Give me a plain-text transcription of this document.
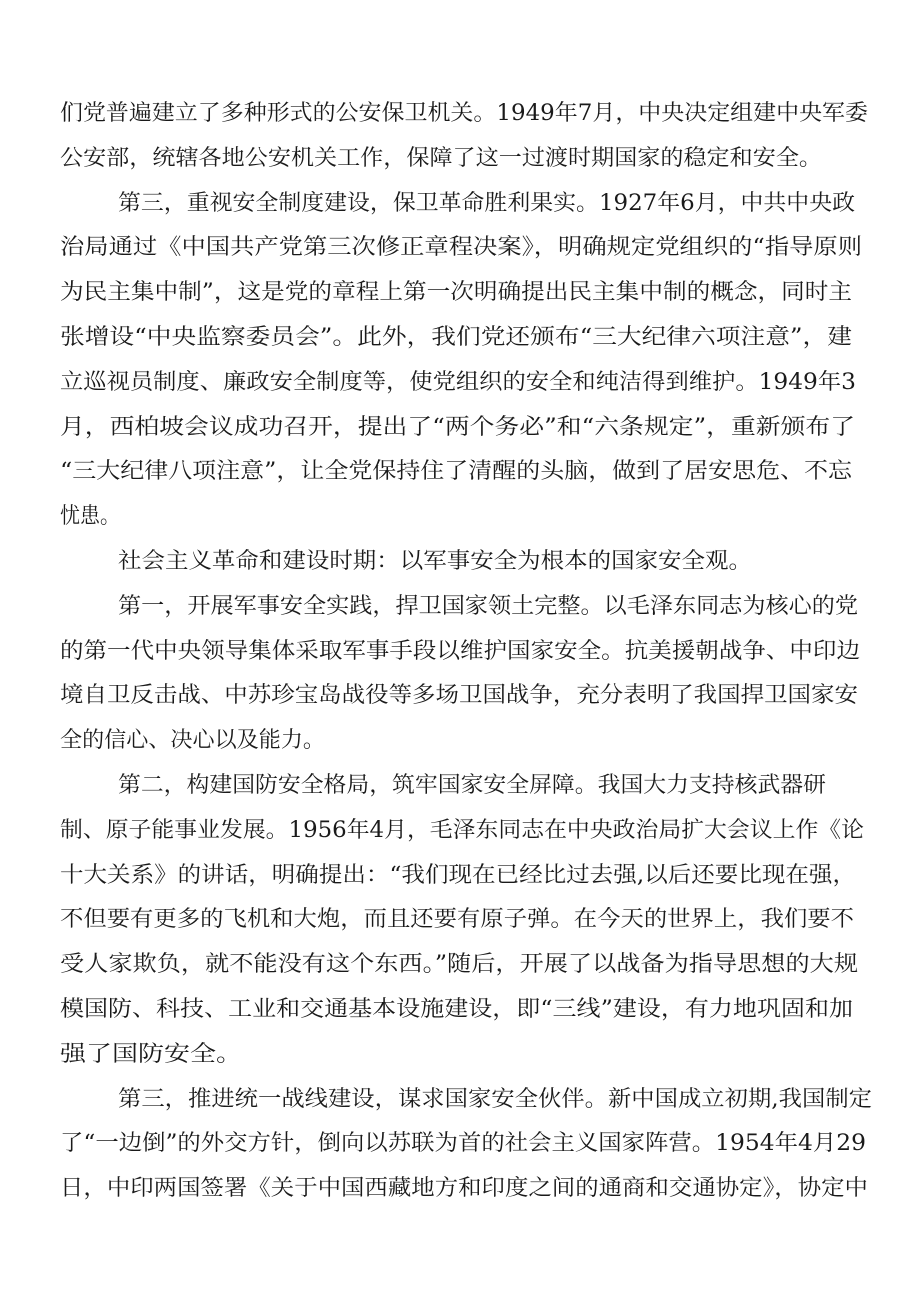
们党普遍建立了多种形式的公安保卫机关。1949年7月，中央决定组建中央军委
公安部，统辖各地公安机关工作，保障了这一过渡时期国家的稳定和安全。
第三，重视安全制度建设，保卫革命胜利果实。1927年6月，中共中央政
治局通过《中国共产党第三次修正章程决案》，明确规定党组织的“指导原则
为民主集中制”，这是党的章程上第一次明确提出民主集中制的概念，同时主
张增设“中央监察委员会”。此外，我们党还颁布“三大纪律六项注意”，建
立巡视员制度、廉政安全制度等，使党组织的安全和纯洁得到维护。1949年3
月，西柏坡会议成功召开，提出了“两个务必”和“六条规定”，重新颁布了
“三大纪律八项注意”，让全党保持住了清醒的头脑，做到了居安思危、不忘
忧患。
社会主义革命和建设时期：以军事安全为根本的国家安全观。
第一，开展军事安全实践，捍卫国家领土完整。以毛泽东同志为核心的党
的第一代中央领导集体采取军事手段以维护国家安全。抗美援朝战争、中印边
境自卫反击战、中苏珍宝岛战役等多场卫国战争，充分表明了我国捍卫国家安
全的信心、决心以及能力。
第二，构建国防安全格局，筑牢国家安全屏障。我国大力支持核武器研
制、原子能事业发展。1956年4月，毛泽东同志在中央政治局扩大会议上作《论
十大关系》的讲话，明确提出：“我们现在已经比过去强,以后还要比现在强，
不但要有更多的飞机和大炮，而且还要有原子弹。在今天的世界上，我们要不
受人家欺负，就不能没有这个东西。”随后，开展了以战备为指导思想的大规
模国防、科技、工业和交通基本设施建设，即“三线”建设，有力地巩固和加
强了国防安全。
第三，推进统一战线建设，谋求国家安全伙伴。新中国成立初期,我国制定
了“一边倒”的外交方针，倒向以苏联为首的社会主义国家阵营。1954年4月29
日，中印两国签署《关于中国西藏地方和印度之间的通商和交通协定》，协定中
